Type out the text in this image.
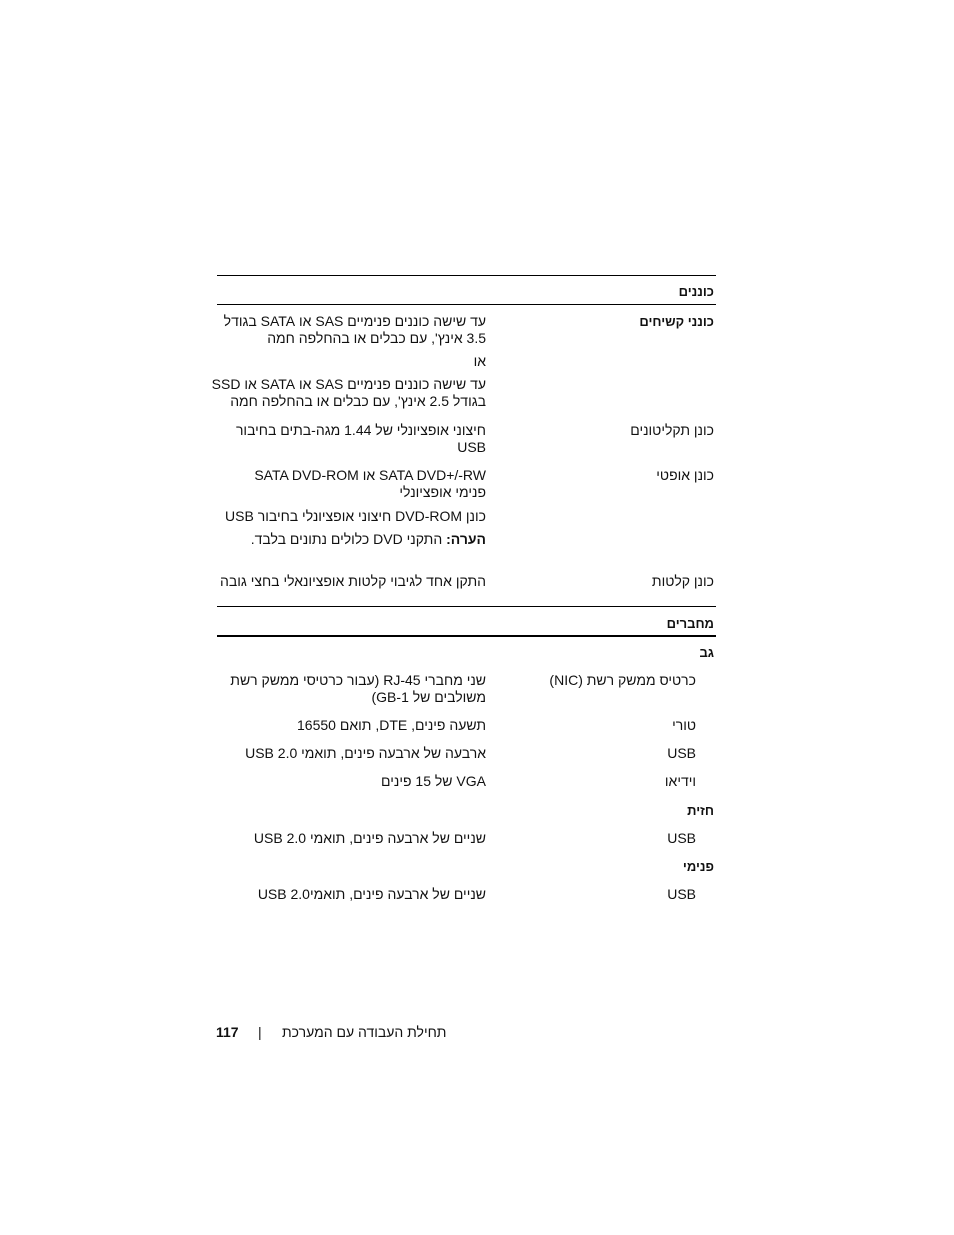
כוננים
כונני קשיחים
עד שישה כוננים פנימיים SAS או SATA בגודל
3.5 אינץ', עם כבלים או בהחלפה חמה
או
עד שישה כוננים פנימיים SAS או SATA או SSD
בגודל 2.5 אינץ', עם כבלים או בהחלפה חמה
כונן תקליטונים
חיצוני אופציונלי של 1.44 מגה-בתים בחיבור
USB
כונן אופטי
SATA DVD+/-RW או SATA DVD-ROM
פנימי אופציונלי
כונן DVD-ROM חיצוני אופציונלי בחיבור USB
הערה: התקני DVD כלולים נתונים בלבד.
כונן קלטות
התקן אחד לגיבוי קלטות אופציונאלי בחצי גובה
מחברים
גב
כרטיס ממשק רשת (NIC)
שני מחברי RJ-45 (עבור כרטיסי ממשק רשת
משולבים של 1-GB)
טורי
תשעה פינים, DTE, תואם 16550
USB
ארבעה של ארבעה פינים, תואמי USB 2.0
וידיאו
VGA של 15 פינים
חזית
USB
שניים של ארבעה פינים, תואמי USB 2.0
פנימי
USB
שניים של ארבעה פינים, תואמיUSB 2.0
117 | תחילת העבודה עם המערכת
